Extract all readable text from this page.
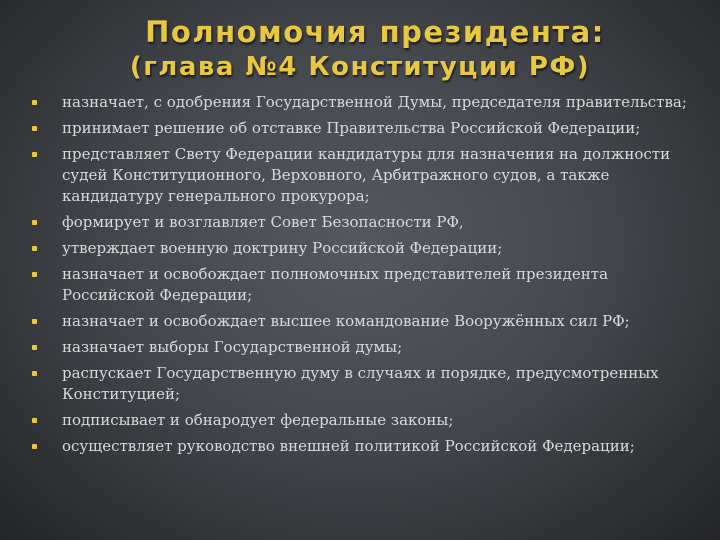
Полномочия президента:
(глава №4 Конституции РФ)
назначает, с одобрения Государственной Думы, председателя правительства;
принимает решение об отставке Правительства Российской Федерации;
представляет Свету Федерации кандидатуры для назначения на должности судей Конституционного, Верховного, Арбитражного судов, а также кандидатуру генерального прокурора;
формирует и возглавляет Совет Безопасности РФ,
утверждает военную доктрину Российской Федерации;
назначает и освобождает полномочных представителей президента Российской Федерации;
назначает и освобождает высшее командование Вооружённых сил РФ;
назначает выборы Государственной думы;
распускает Государственную думу в случаях и порядке, предусмотренных Конституцией;
подписывает и обнародует федеральные законы;
осуществляет руководство внешней политикой Российской Федерации;
